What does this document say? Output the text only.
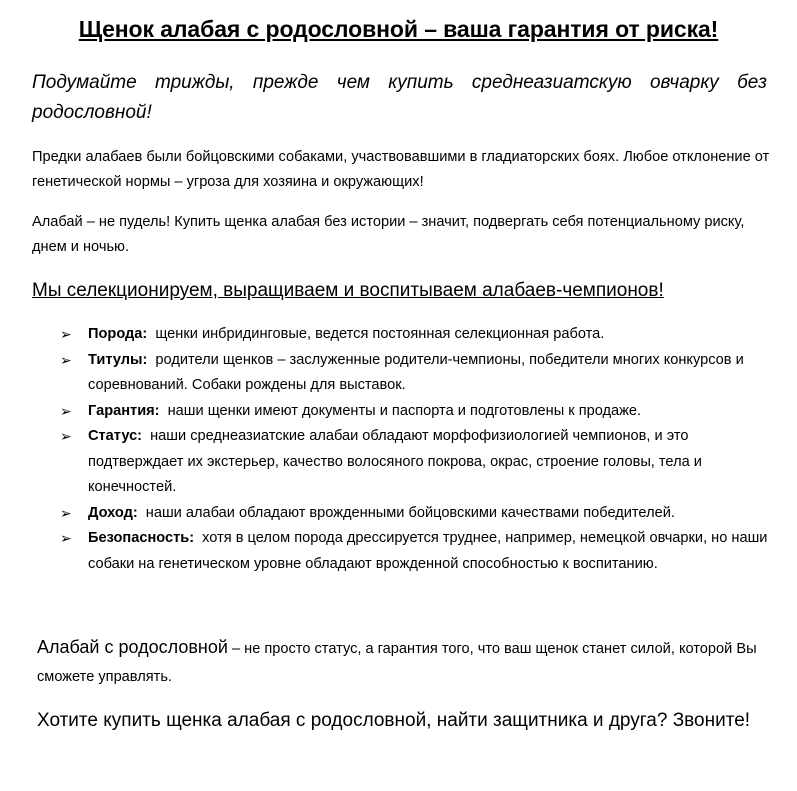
Щенок алабая с родословной – ваша гарантия от риска!
Подумайте трижды, прежде чем купить среднеазиатскую овчарку без родословной!
Предки алабаев были бойцовскими собаками, участвовавшими в гладиаторских боях. Любое отклонение от генетической нормы – угроза для хозяина и окружающих!
Алабай – не пудель! Купить щенка алабая без истории – значит, подвергать себя потенциальному риску, днем и ночью.
Мы селекционируем, выращиваем и воспитываем алабаев-чемпионов!
➢ Порода: щенки инбридинговые, ведется постоянная селекционная работа.
➢ Титулы: родители щенков – заслуженные родители-чемпионы, победители многих конкурсов и соревнований. Собаки рождены для выставок.
➢ Гарантия: наши щенки имеют документы и паспорта и подготовлены к продаже.
➢ Статус: наши среднеазиатские алабаи обладают морфофизиологией чемпионов, и это подтверждает их экстерьер, качество волосяного покрова, окрас, строение головы, тела и конечностей.
➢ Доход: наши алабаи обладают врожденными бойцовскими качествами победителей.
➢ Безопасность: хотя в целом порода дрессируется труднее, например, немецкой овчарки, но наши собаки на генетическом уровне обладают врожденной способностью к воспитанию.
Алабай с родословной – не просто статус, а гарантия того, что ваш щенок станет силой, которой Вы сможете управлять.
Хотите купить щенка алабая с родословной, найти защитника и друга? Звоните!
